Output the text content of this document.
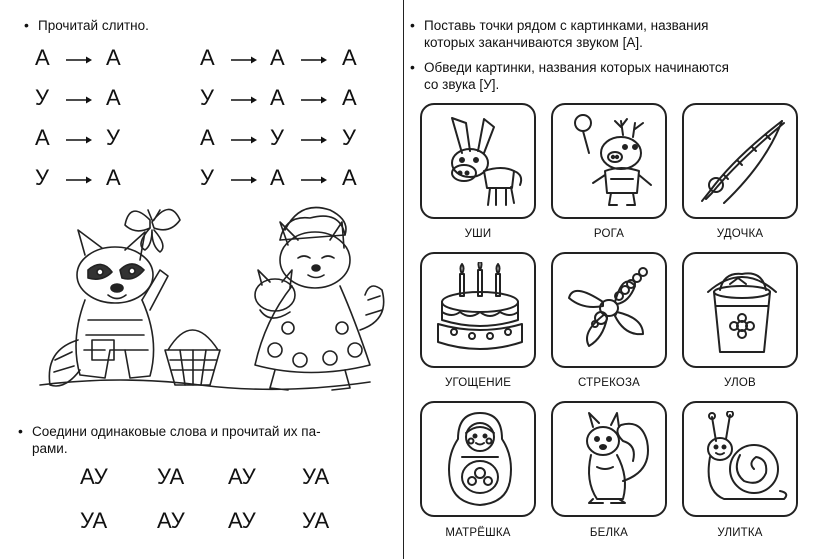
• Прочитай слитно.
А	А
У	А
А	У
У	А
А	А	А
У	А	А
А	У	У
У	А	А
• Соедини одинаковые слова и прочитай их па-
рами.
АУ УА АУ УА
УА АУ АУ УА
• Поставь точки рядом с картинками, названия
которых заканчиваются звуком [А].
• Обведи картинки, названия которых начинаются
со звука [У].
УШИ	РОГА	УДОЧКА
УГОЩЕНИЕ	СТРЕКОЗА	УЛОВ
МАТРЁШКА	БЕЛКА	УЛИТКА
